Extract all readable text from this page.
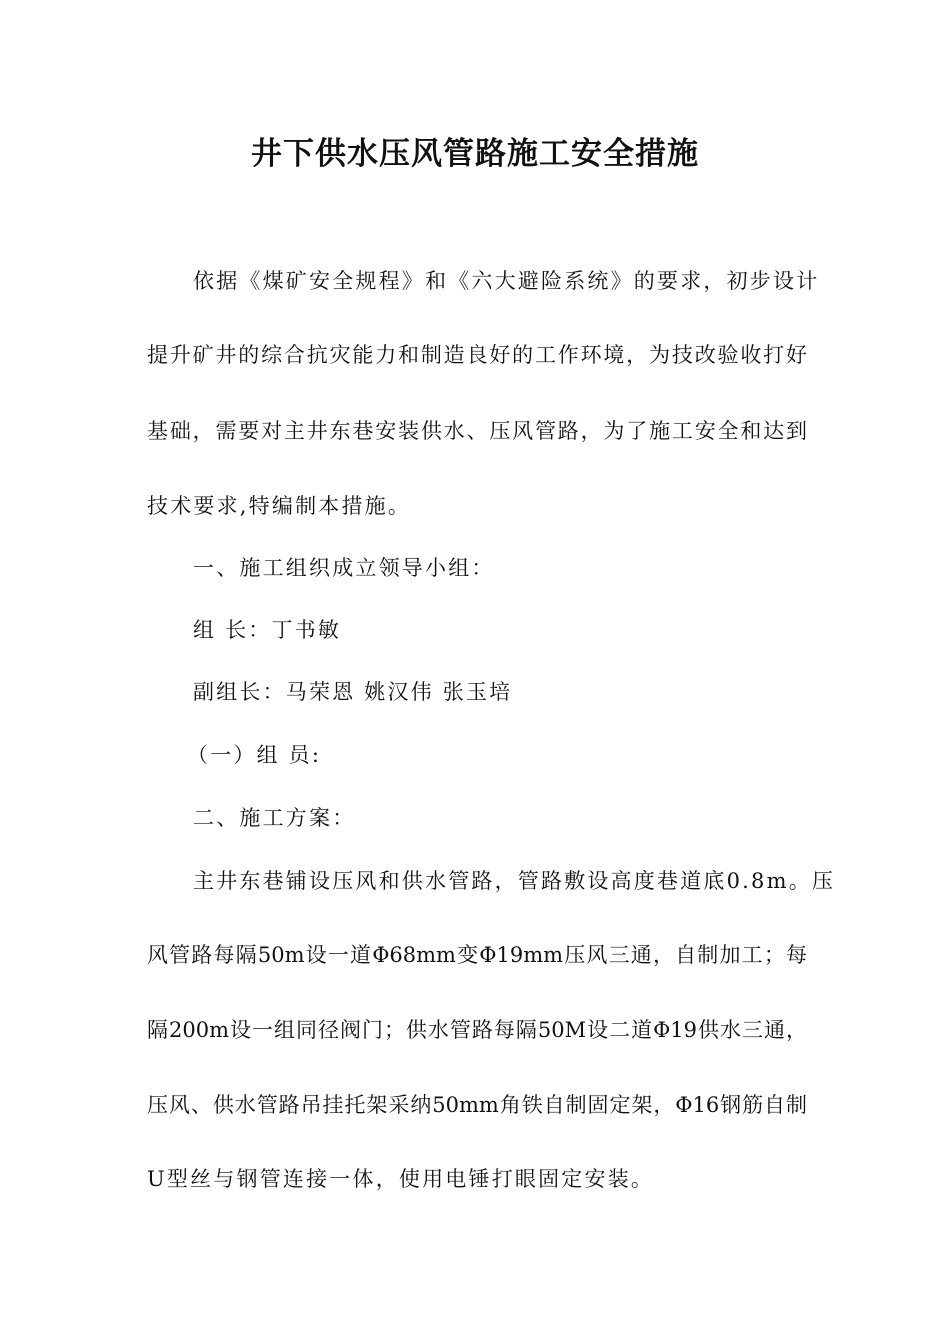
井下供水压风管路施工安全措施
依据《煤矿安全规程》和《六大避险系统》的要求，初步设计
提升矿井的综合抗灾能力和制造良好的工作环境，为技改验收打好
基础，需要对主井东巷安装供水、压风管路，为了施工安全和达到
技术要求,特编制本措施。
一、施工组织成立领导小组：
组 长：丁书敏
副组长：马荣恩 姚汉伟 张玉培
（一）组 员:
二、施工方案：
主井东巷铺设压风和供水管路，管路敷设高度巷道底0.8m。压
风管路每隔50m设一道Φ68mm变Φ19mm压风三通，自制加工；每
隔200m设一组同径阀门；供水管路每隔50M设二道Φ19供水三通，
压风、供水管路吊挂托架采纳50mm角铁自制固定架，Φ16钢筋自制
U型丝与钢管连接一体，使用电锤打眼固定安装。
